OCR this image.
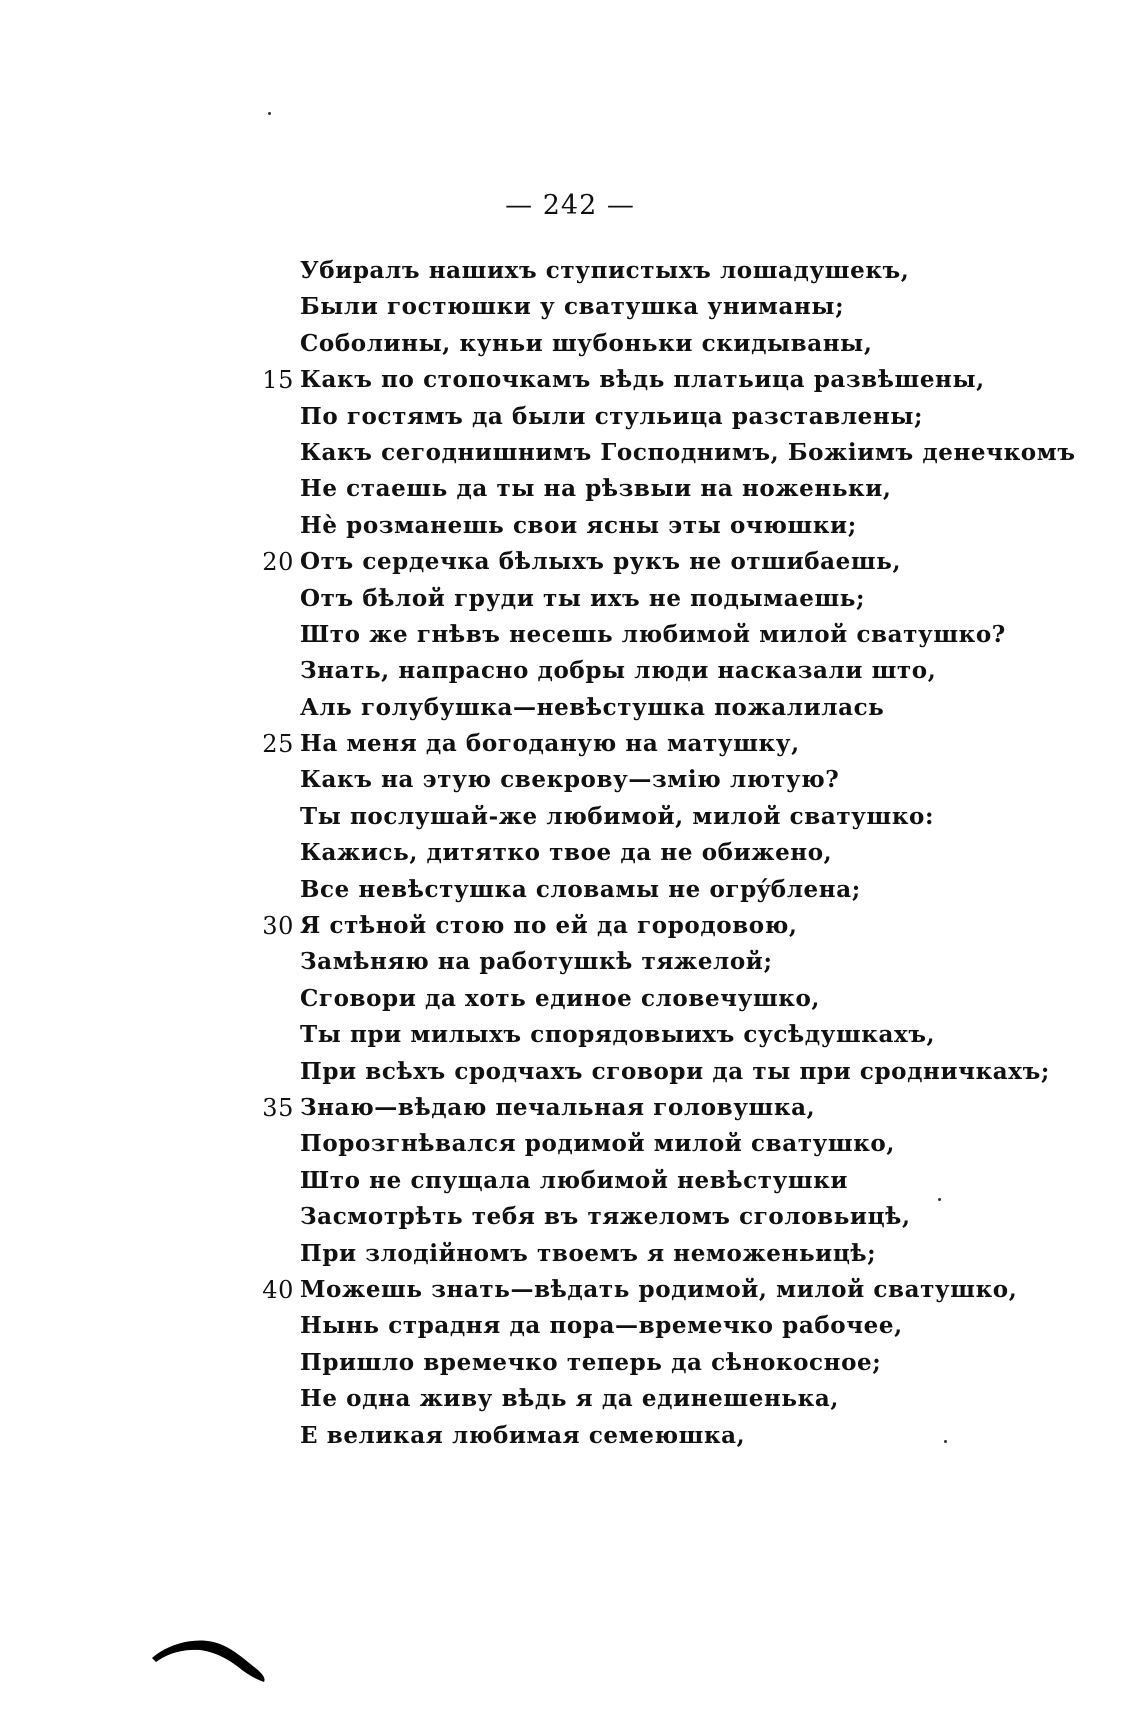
— 242 —
Убиралъ нашихъ ступистыхъ лошадушекъ,
Были гостюшки у сватушка униманы;
Соболины, куньи шубоньки скидываны,
15 Какъ по стопочкамъ вѣдь платьица развѣшены,
По гостямъ да были стульица разставлены;
Какъ сегоднишнимъ Господнимъ, Божіимъ денечкомъ
Не стаешь да ты на рѣзвыи на ноженьки,
Нѐ розманешь свои ясны эты очюшки;
20 Отъ сердечка бѣлыхъ рукъ не отшибаешь,
Отъ бѣлой груди ты ихъ не подымаешь;
Што же гнѣвъ несешь любимой милой сватушко?
Знать, напрасно добры люди насказали што,
Аль голубушка—невѣстушка пожалилась
25 На меня да богоданую на матушку,
Какъ на этую свекрову—змію лютую?
Ты послушай-же любимой, милой сватушко:
Кажись, дитятко твое да не обижено,
Все невѣстушка словамы не огрýблена;
30 Я стѣной стою по ей да городовою,
Замѣняю на работушкѣ тяжелой;
Сговори да хоть единое словечушко,
Ты при милыхъ спорядовыихъ сусѣдушкахъ,
При всѣхъ сродчахъ сговори да ты при сродничкахъ;
35 Знаю—вѣдаю печальная головушка,
Порозгнѣвался родимой милой сватушко,
Што не спущала любимой невѣстушки
Засмотрѣть тебя въ тяжеломъ сголовьицѣ,
При злодійномъ твоемъ я неможеньицѣ;
40 Можешь знать—вѣдать родимой, милой сватушко,
Нынь страдня да пора—времечко рабочее,
Пришло времечко теперь да сѣнокосное;
Не одна живу вѣдь я да единешенька,
Е великая любимая семеюшка,
